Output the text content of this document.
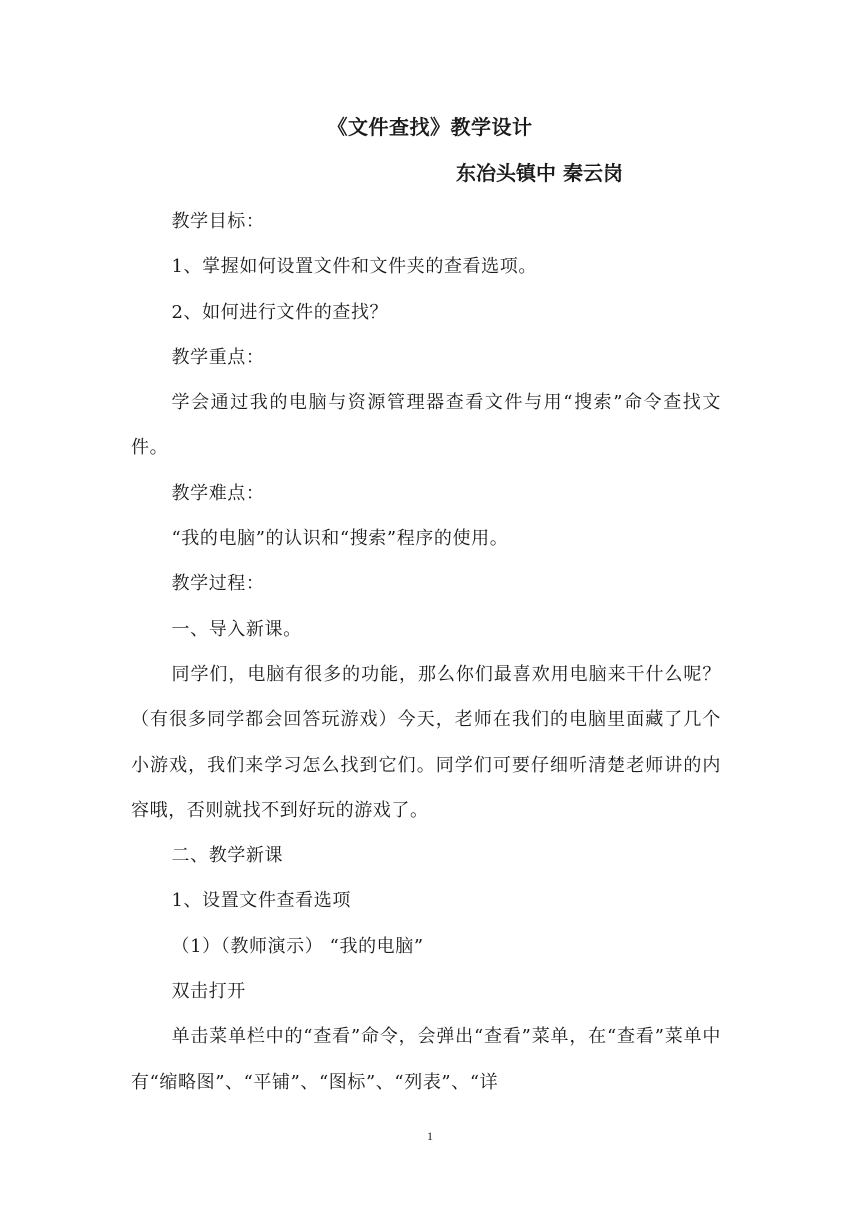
《文件查找》教学设计
东冶头镇中 秦云岗

教学目标：

1、掌握如何设置文件和文件夹的查看选项。

2、如何进行文件的查找？

教学重点：

学会通过我的电脑与资源管理器查看文件与用“搜索”命令查找文件。

教学难点：

“我的电脑”的认识和“搜索”程序的使用。

教学过程：

一、导入新课。

同学们，电脑有很多的功能，那么你们最喜欢用电脑来干什么呢？（有很多同学都会回答玩游戏）今天，老师在我们的电脑里面藏了几个小游戏，我们来学习怎么找到它们。同学们可要仔细听清楚老师讲的内容哦，否则就找不到好玩的游戏了。

二、教学新课

1、设置文件查看选项

（1）（教师演示） “我的电脑”

双击打开

单击菜单栏中的“查看”命令，会弹出“查看”菜单，在“查看”菜单中有“缩略图”、“平铺”、“图标”、“列表”、“详

1
